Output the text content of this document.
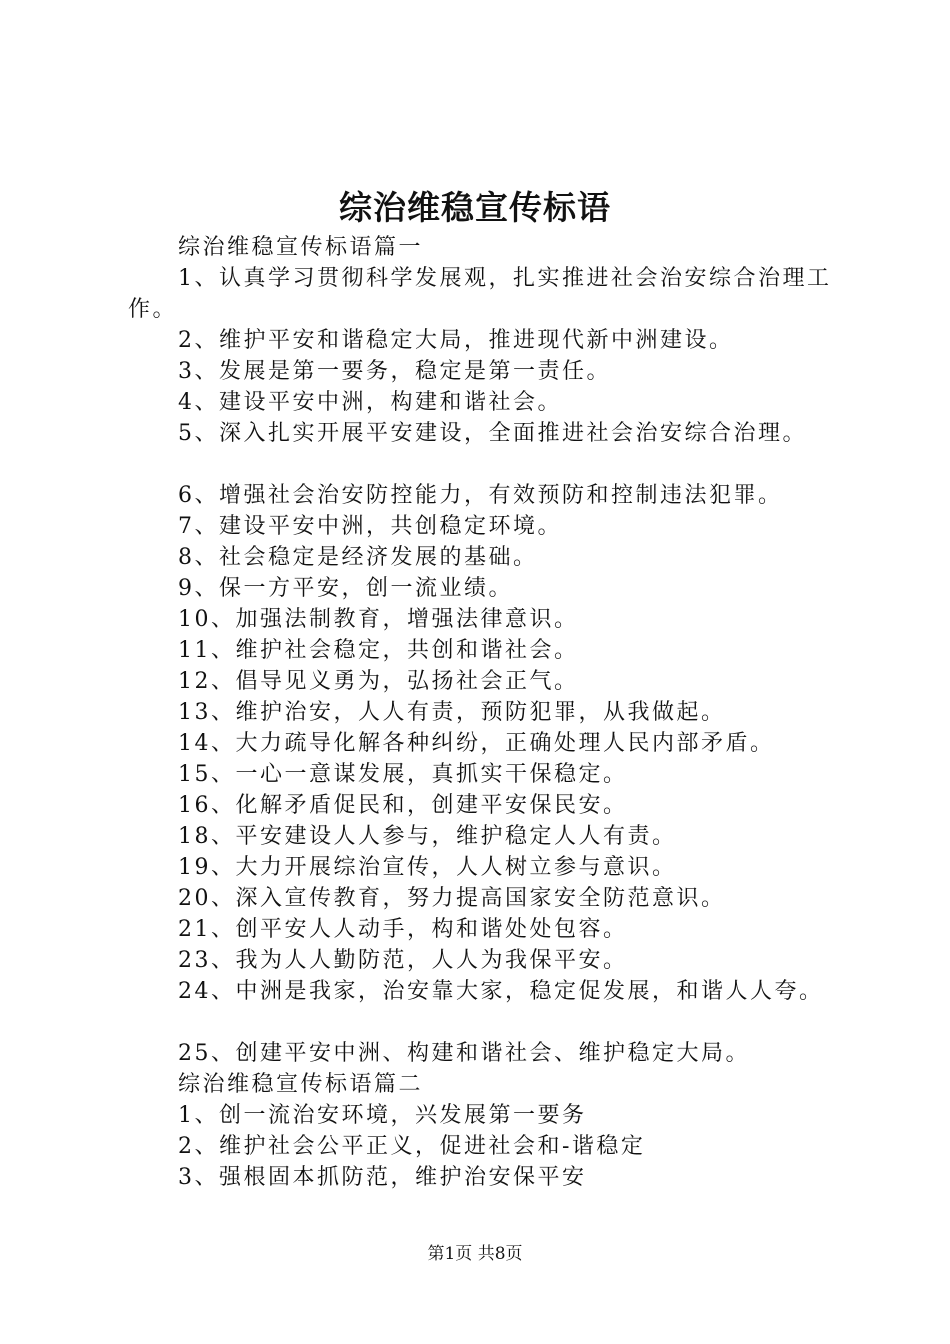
综治维稳宣传标语
综治维稳宣传标语篇一
1、认真学习贯彻科学发展观，扎实推进社会治安综合治理工作。
2、维护平安和谐稳定大局，推进现代新中洲建设。
3、发展是第一要务，稳定是第一责任。
4、建设平安中洲，构建和谐社会。
5、深入扎实开展平安建设，全面推进社会治安综合治理。
6、增强社会治安防控能力，有效预防和控制违法犯罪。
7、建设平安中洲，共创稳定环境。
8、社会稳定是经济发展的基础。
9、保一方平安，创一流业绩。
10、加强法制教育，增强法律意识。
11、维护社会稳定，共创和谐社会。
12、倡导见义勇为，弘扬社会正气。
13、维护治安，人人有责，预防犯罪，从我做起。
14、大力疏导化解各种纠纷，正确处理人民内部矛盾。
15、一心一意谋发展，真抓实干保稳定。
16、化解矛盾促民和，创建平安保民安。
18、平安建设人人参与，维护稳定人人有责。
19、大力开展综治宣传，人人树立参与意识。
20、深入宣传教育，努力提高国家安全防范意识。
21、创平安人人动手，构和谐处处包容。
23、我为人人勤防范，人人为我保平安。
24、中洲是我家，治安靠大家，稳定促发展，和谐人人夸。
25、创建平安中洲、构建和谐社会、维护稳定大局。
综治维稳宣传标语篇二
1、创一流治安环境，兴发展第一要务
2、维护社会公平正义，促进社会和-谐稳定
3、强根固本抓防范，维护治安保平安
第1页 共8页
